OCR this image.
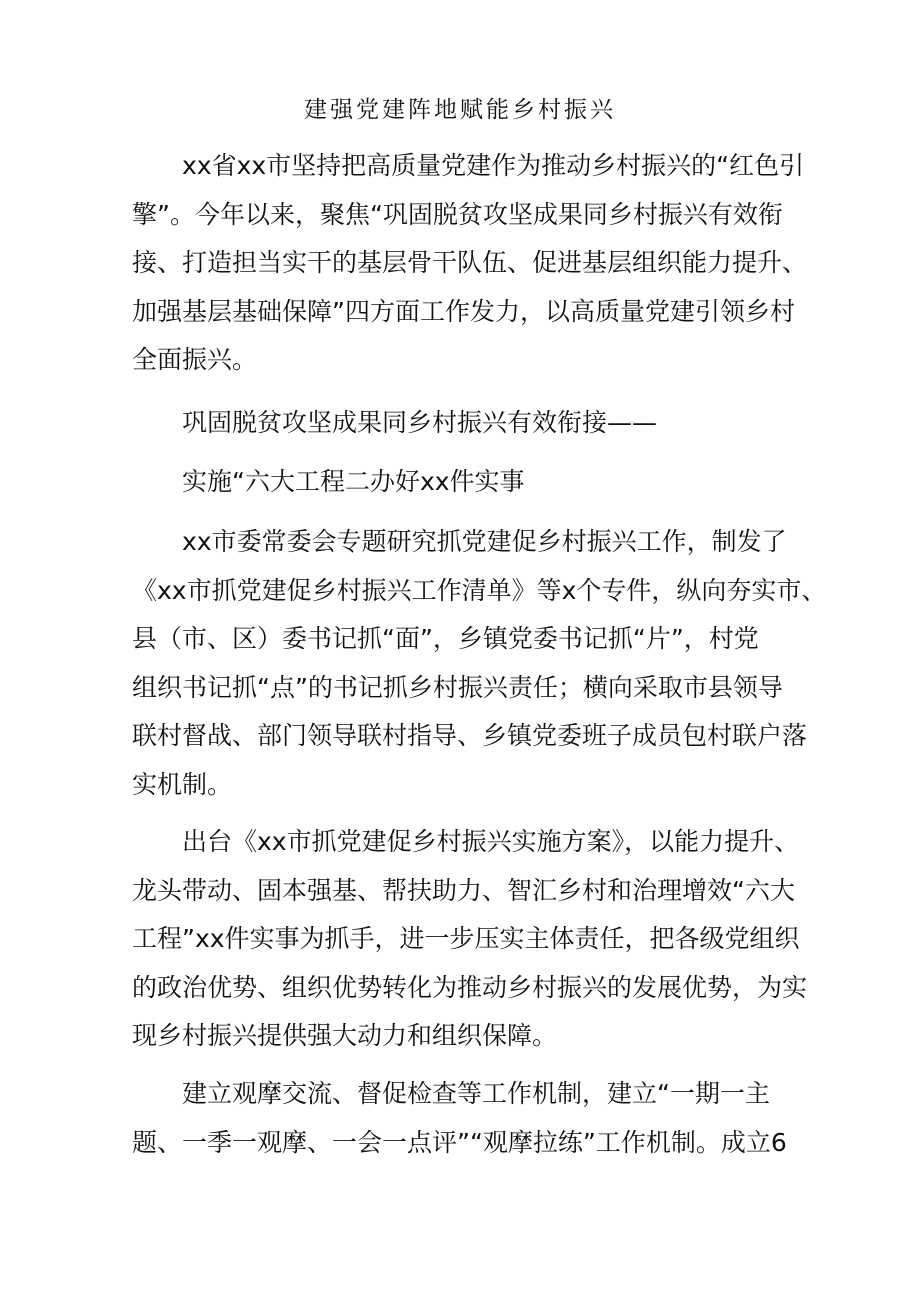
建强党建阵地赋能乡村振兴
xx省xx市坚持把高质量党建作为推动乡村振兴的“红色引
擎”。今年以来，聚焦“巩固脱贫攻坚成果同乡村振兴有效衔
接、打造担当实干的基层骨干队伍、促进基层组织能力提升、
加强基层基础保障”四方面工作发力，以高质量党建引领乡村
全面振兴。
巩固脱贫攻坚成果同乡村振兴有效衔接——
实施“六大工程二办好xx件实事
xx市委常委会专题研究抓党建促乡村振兴工作，制发了
《xx市抓党建促乡村振兴工作清单》等x个专件，纵向夯实市、
县（市、区）委书记抓“面”，乡镇党委书记抓“片”，村党
组织书记抓“点”的书记抓乡村振兴责任；横向采取市县领导
联村督战、部门领导联村指导、乡镇党委班子成员包村联户落
实机制。
出台《xx市抓党建促乡村振兴实施方案》，以能力提升、
龙头带动、固本强基、帮扶助力、智汇乡村和治理增效“六大
工程”xx件实事为抓手，进一步压实主体责任，把各级党组织
的政治优势、组织优势转化为推动乡村振兴的发展优势，为实
现乡村振兴提供强大动力和组织保障。
建立观摩交流、督促检查等工作机制，建立“一期一主
题、一季一观摩、一会一点评”“观摩拉练”工作机制。成立6
